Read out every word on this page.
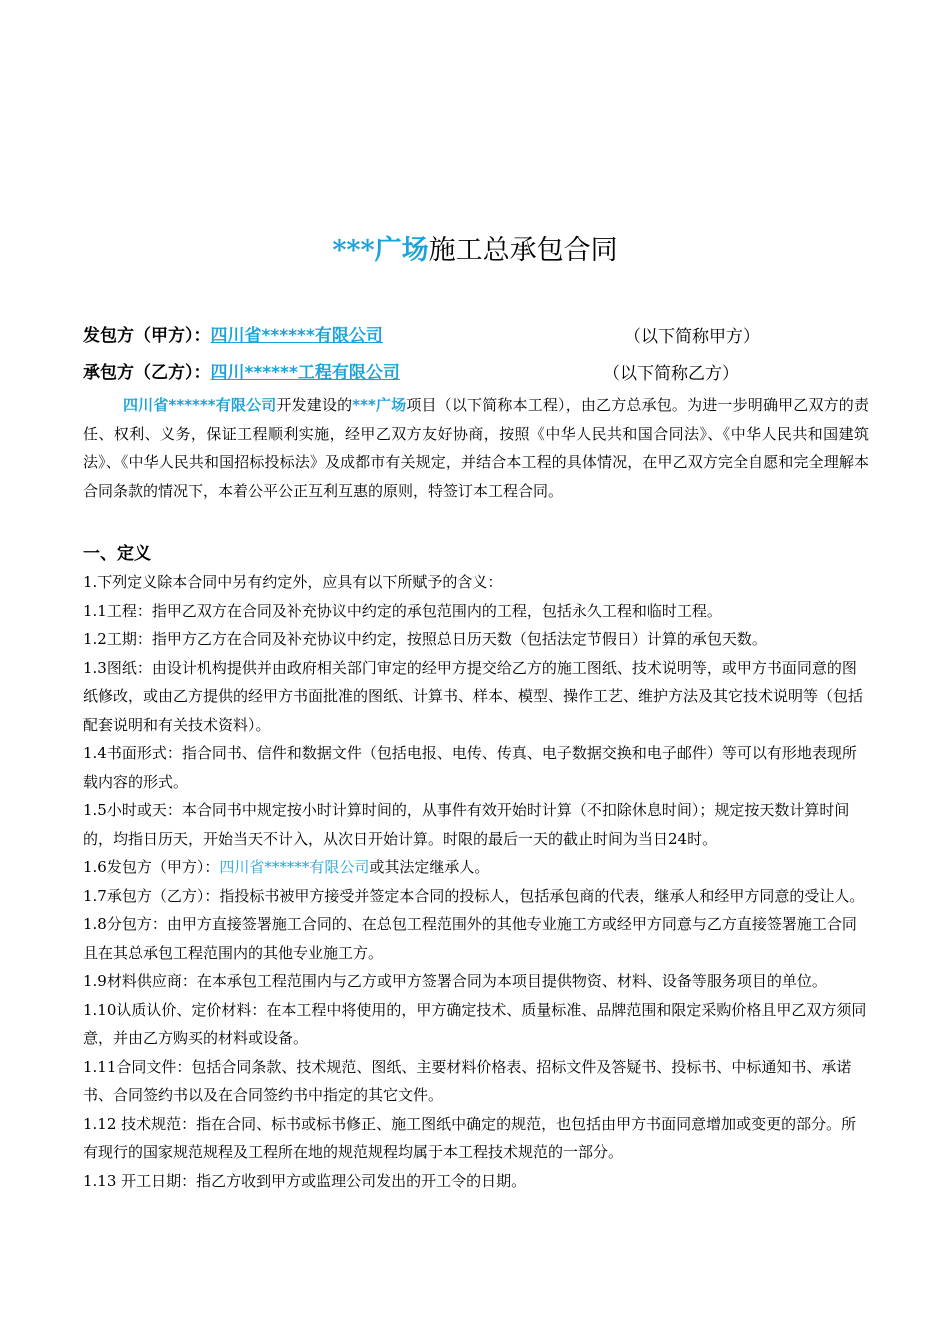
***广场施工总承包合同
发包方（甲方）：四川省******有限公司	（以下简称甲方）
承包方（乙方）：四川******工程有限公司	（以下简称乙方）
四川省******有限公司开发建设的***广场项目（以下简称本工程），由乙方总承包。为进一步明确甲乙双方的责任、权利、义务，保证工程顺利实施，经甲乙双方友好协商，按照《中华人民共和国合同法》、《中华人民共和国建筑法》、《中华人民共和国招标投标法》及成都市有关规定，并结合本工程的具体情况，在甲乙双方完全自愿和完全理解本合同条款的情况下，本着公平公正互利互惠的原则，特签订本工程合同。
一、定义

1.下列定义除本合同中另有约定外，应具有以下所赋予的含义：

1.1工程：指甲乙双方在合同及补充协议中约定的承包范围内的工程，包括永久工程和临时工程。

1.2工期：指甲方乙方在合同及补充协议中约定，按照总日历天数（包括法定节假日）计算的承包天数。

1.3图纸：由设计机构提供并由政府相关部门审定的经甲方提交给乙方的施工图纸、技术说明等，或甲方书面同意的图纸修改，或由乙方提供的经甲方书面批准的图纸、计算书、样本、模型、操作工艺、维护方法及其它技术说明等（包括配套说明和有关技术资料）。

1.4书面形式：指合同书、信件和数据文件（包括电报、电传、传真、电子数据交换和电子邮件）等可以有形地表现所载内容的形式。

1.5小时或天：本合同书中规定按小时计算时间的，从事件有效开始时计算（不扣除休息时间）；规定按天数计算时间的，均指日历天，开始当天不计入，从次日开始计算。时限的最后一天的截止时间为当日24时。

1.6发包方（甲方）：四川省******有限公司或其法定继承人。

1.7承包方（乙方）：指投标书被甲方接受并签定本合同的投标人，包括承包商的代表，继承人和经甲方同意的受让人。

1.8分包方：由甲方直接签署施工合同的、在总包工程范围外的其他专业施工方或经甲方同意与乙方直接签署施工合同且在其总承包工程范围内的其他专业施工方。

1.9材料供应商：在本承包工程范围内与乙方或甲方签署合同为本项目提供物资、材料、设备等服务项目的单位。

1.10认质认价、定价材料：在本工程中将使用的，甲方确定技术、质量标准、品牌范围和限定采购价格且甲乙双方须同意，并由乙方购买的材料或设备。

1.11合同文件：包括合同条款、技术规范、图纸、主要材料价格表、招标文件及答疑书、投标书、中标通知书、承诺书、合同签约书以及在合同签约书中指定的其它文件。

1.12 技术规范：指在合同、标书或标书修正、施工图纸中确定的规范，也包括由甲方书面同意增加或变更的部分。所有现行的国家规范规程及工程所在地的规范规程均属于本工程技术规范的一部分。

1.13 开工日期：指乙方收到甲方或监理公司发出的开工令的日期。
